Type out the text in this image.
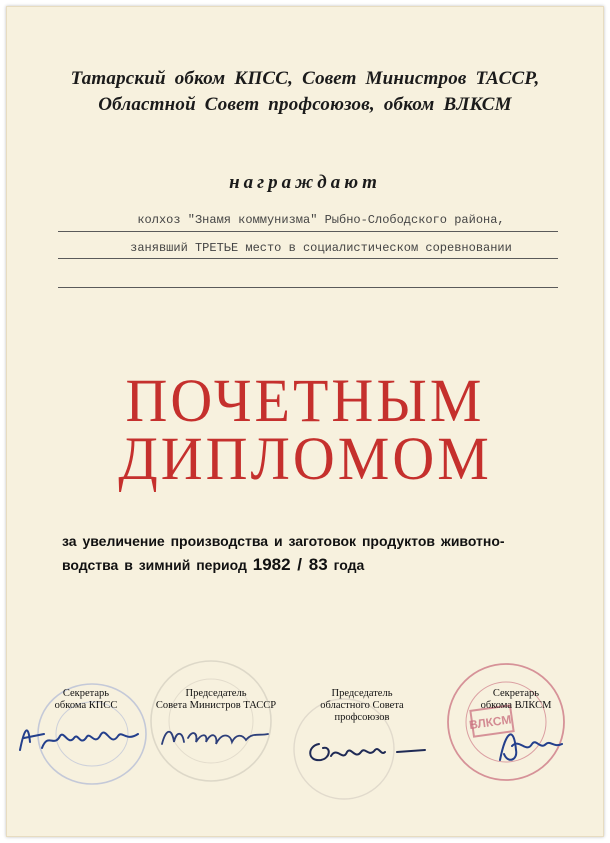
Татарский обком КПСС, Совет Министров ТАССР,
Областной Совет профсоюзов, обком ВЛКСМ
награждают
колхоз "Знамя коммунизма" Рыбно-Слободского района,
занявший ТРЕТЬЕ место в социалистическом соревновании
ПОЧЕТНЫМ
ДИПЛОМОМ
за увеличение производства и заготовок продуктов животно-
водства в зимний период 1982 / 83 года
ВЛКСМ
Секретарь
обкома КПСС
Председатель
Совета Министров ТАССР
Председатель
областного Совета
профсоюзов
Секретарь
обкома ВЛКСМ
